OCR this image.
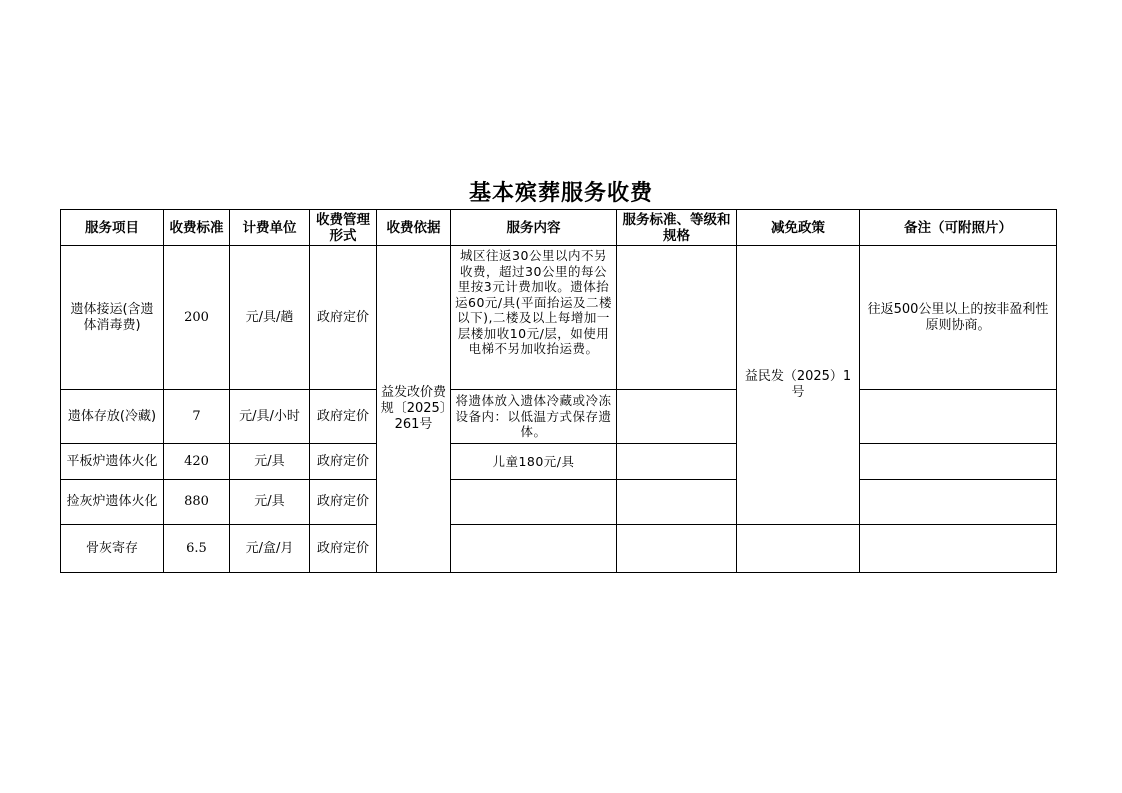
基本殡葬服务收费
服务项目	收费标准	计费单位	收费管理形式	收费依据	服务内容	服务标准、等级和规格	减免政策	备注（可附照片）
遗体接运(含遗体消毒费)	200	元/具/趟	政府定价	益发改价费规〔2025〕261号	城区往返30公里以内不另收费，超过30公里的每公里按3元计费加收。遗体抬运60元/具(平面抬运及二楼以下),二楼及以上每增加一层楼加收10元/层，如使用电梯不另加收抬运费。		益民发（2025）1号	往返500公里以上的按非盈利性原则协商。
遗体存放(冷藏)	7	元/具/小时	政府定价		将遗体放入遗体冷藏或冷冻设备内：以低温方式保存遗体。			
平板炉遗体火化	420	元/具	政府定价		儿童180元/具			
捡灰炉遗体火化	880	元/具	政府定价					
骨灰寄存	6.5	元/盒/月	政府定价					
